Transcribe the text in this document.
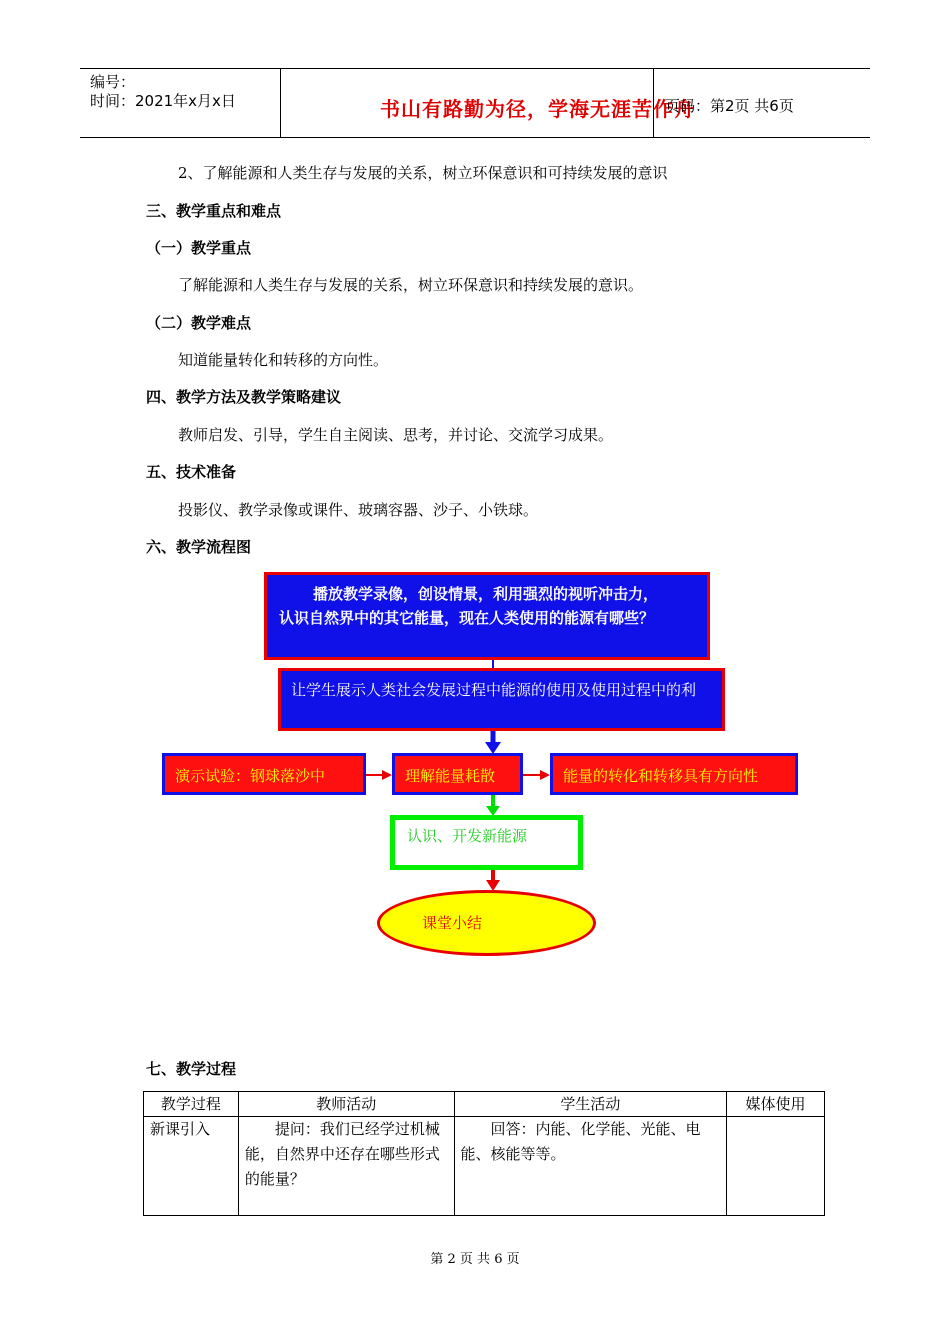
编号：
时间：2021年x月x日	书山有路勤为径，学海无涯苦作舟
页码：第2页 共6页
2、了解能源和人类生存与发展的关系，树立环保意识和可持续发展的意识
三、教学重点和难点
（一）教学重点
了解能源和人类生存与发展的关系，树立环保意识和持续发展的意识。
（二）教学难点
知道能量转化和转移的方向性。
四、教学方法及教学策略建议
教师启发、引导，学生自主阅读、思考，并讨论、交流学习成果。
五、技术准备
投影仪、教学录像或课件、玻璃容器、沙子、小铁球。
六、教学流程图
播放教学录像，创设情景，利用强烈的视听冲击力，
认识自然界中的其它能量，现在人类使用的能源有哪些？
让学生展示人类社会发展过程中能源的使用及使用过程中的利
演示试验：钢球落沙中	理解能量耗散	能量的转化和转移具有方向性
认识、开发新能源
课堂小结
七、教学过程
教学过程	教师活动	学生活动	媒体使用
新课引入	提问：我们已经学过机械能，自然界中还存在哪些形式的能量？	回答：内能、化学能、光能、电能、核能等等。	
第 2 页 共 6 页
